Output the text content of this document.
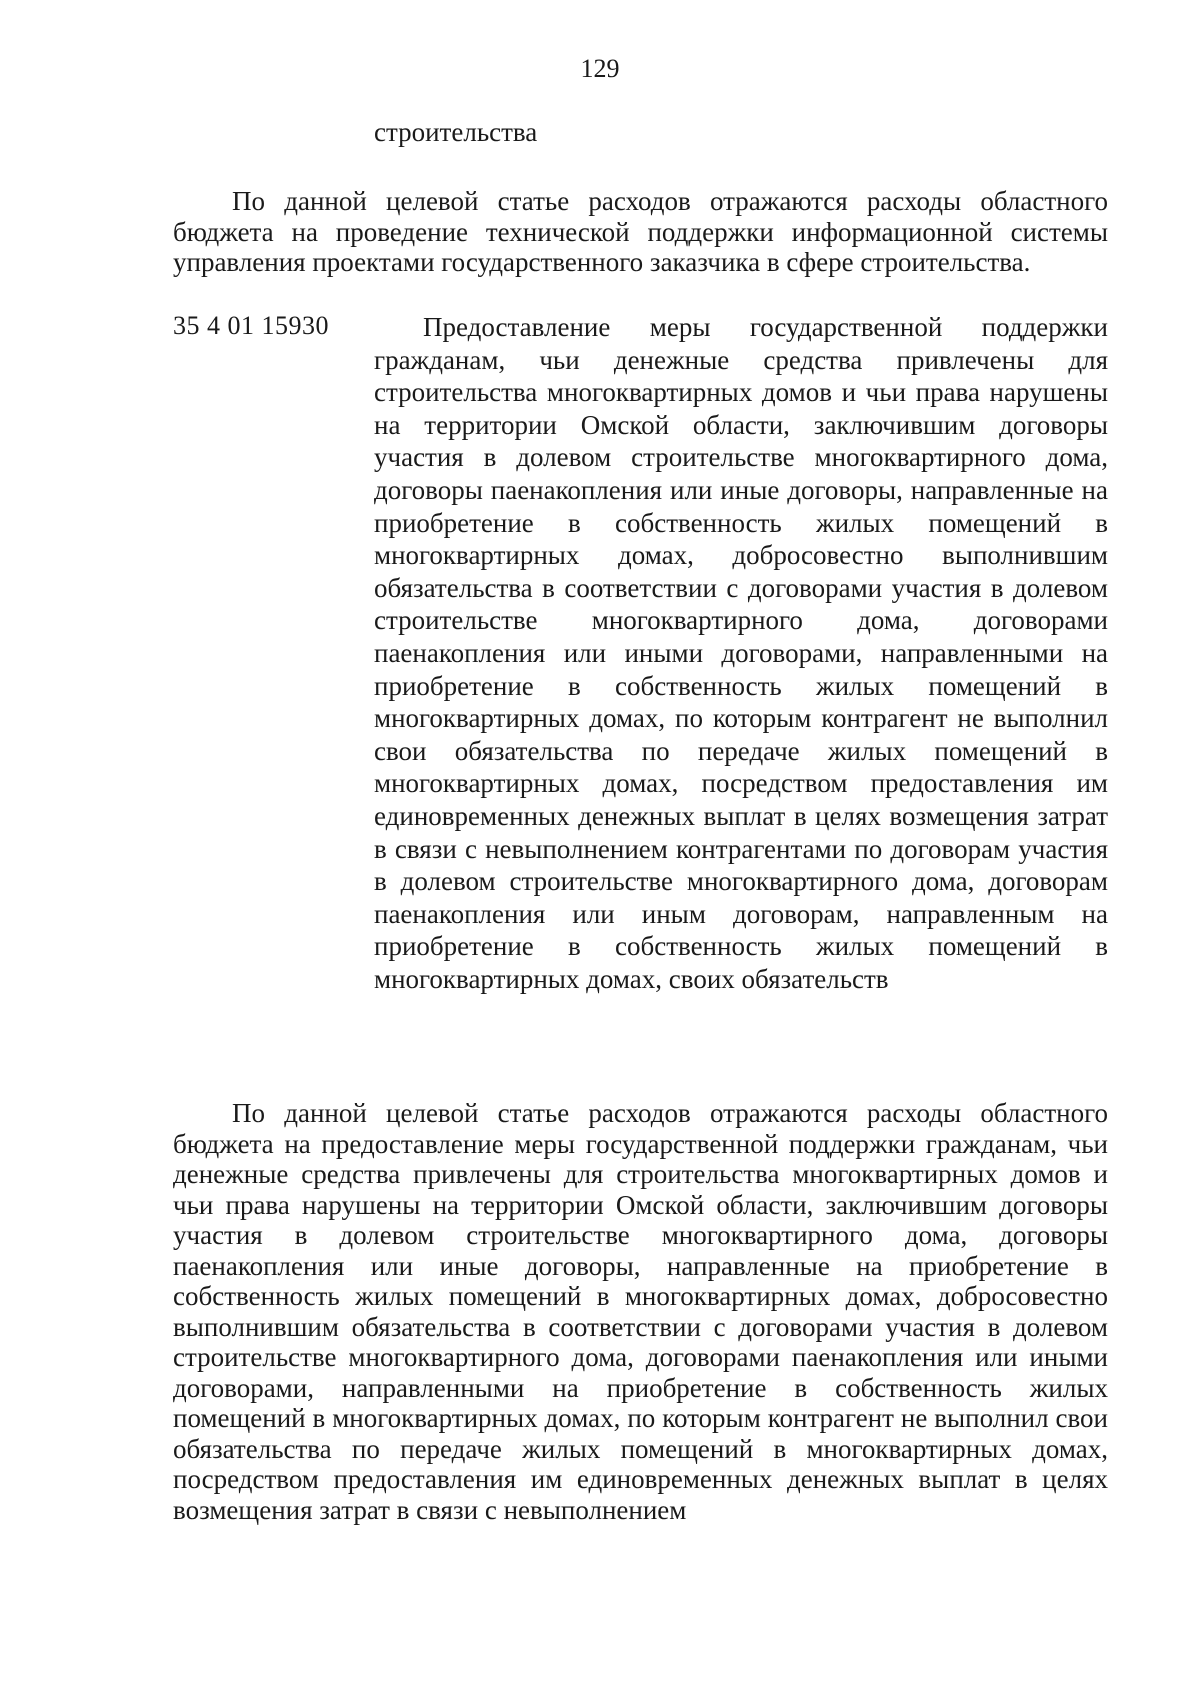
129
строительства

По данной целевой статье расходов отражаются расходы областного бюджета на проведение технической поддержки информационной системы управления проектами государственного заказчика в сфере строительства.

35 4 01 15930	Предоставление меры государственной поддержки гражданам, чьи денежные средства привлечены для строительства многоквартирных домов и чьи права нарушены на территории Омской области, заключившим договоры участия в долевом строительстве многоквартирного дома, договоры паенакопления или иные договоры, направленные на приобретение в собственность жилых помещений в многоквартирных домах, добросовестно выполнившим обязательства в соответствии с договорами участия в долевом строительстве многоквартирного дома, договорами паенакопления или иными договорами, направленными на приобретение в собственность жилых помещений в многоквартирных домах, по которым контрагент не выполнил свои обязательства по передаче жилых помещений в многоквартирных домах, посредством предоставления им единовременных денежных выплат в целях возмещения затрат в связи с невыполнением контрагентами по договорам участия в долевом строительстве многоквартирного дома, договорам паенакопления или иным договорам, направленным на приобретение в собственность жилых помещений в многоквартирных домах, своих обязательств

По данной целевой статье расходов отражаются расходы областного бюджета на предоставление меры государственной поддержки гражданам, чьи денежные средства привлечены для строительства многоквартирных домов и чьи права нарушены на территории Омской области, заключившим договоры участия в долевом строительстве многоквартирного дома, договоры паенакопления или иные договоры, направленные на приобретение в собственность жилых помещений в многоквартирных домах, добросовестно выполнившим обязательства в соответствии с договорами участия в долевом строительстве многоквартирного дома, договорами паенакопления или иными договорами, направленными на приобретение в собственность жилых помещений в многоквартирных домах, по которым контрагент не выполнил свои обязательства по передаче жилых помещений в многоквартирных домах, посредством предоставления им единовременных денежных выплат в целях возмещения затрат в связи с невыполнением
